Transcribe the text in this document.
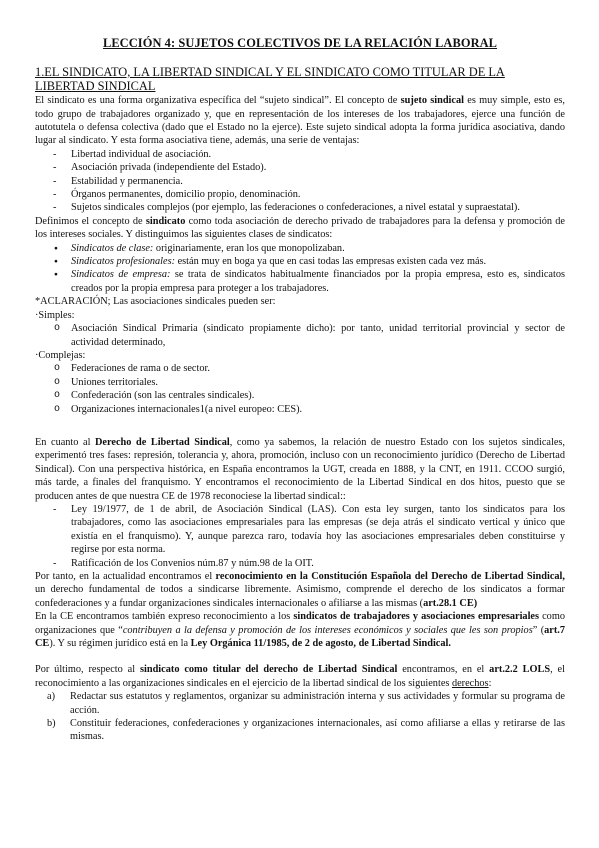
LECCIÓN 4: SUJETOS COLECTIVOS DE LA RELACIÓN LABORAL
1.EL SINDICATO, LA LIBERTAD SINDICAL Y EL SINDICATO COMO TITULAR DE LA LIBERTAD SINDICAL

El sindicato es una forma organizativa específica del “sujeto sindical”. El concepto de sujeto sindical es muy simple, esto es, todo grupo de trabajadores organizado y, que en representación de los intereses de los trabajadores, ejerce una función de autotutela o defensa colectiva (dado que el Estado no la ejerce). Este sujeto sindical adopta la forma jurídica asociativa, dando lugar al sindicato. Y esta forma asociativa tiene, además, una serie de ventajas:

- Libertad individual de asociación.
- Asociación privada (independiente del Estado).
- Estabilidad y permanencia.
- Órganos permanentes, domicilio propio, denominación.
- Sujetos sindicales complejos (por ejemplo, las federaciones o confederaciones, a nivel estatal y supraestatal).

Definimos el concepto de sindicato como toda asociación de derecho privado de trabajadores para la defensa y promoción de los intereses sociales. Y distinguimos las siguientes clases de sindicatos:

● Sindicatos de clase: originariamente, eran los que monopolizaban.
● Sindicatos profesionales: están muy en boga ya que en casi todas las empresas existen cada vez más.
● Sindicatos de empresa: se trata de sindicatos habitualmente financiados por la propia empresa, esto es, sindicatos creados por la propia empresa para proteger a los trabajadores.

*ACLARACIÓN; Las asociaciones sindicales pueden ser:

·Simples:

o Asociación Sindical Primaria (sindicato propiamente dicho): por tanto, unidad territorial provincial y sector de actividad determinado,

·Complejas:

o Federaciones de rama o de sector.
o Uniones territoriales.
o Confederación (son las centrales sindicales).
o Organizaciones internacionales1(a nivel europeo: CES).

En cuanto al Derecho de Libertad Sindical, como ya sabemos, la relación de nuestro Estado con los sujetos sindicales, experimentó tres fases: represión, tolerancia y, ahora, promoción, incluso con un reconocimiento jurídico (Derecho de Libertad Sindical). Con una perspectiva histórica, en España encontramos la UGT, creada en 1888, y la CNT, en 1911. CCOO surgió, más tarde, a finales del franquismo. Y encontramos el reconocimiento de la Libertad Sindical en dos hitos, puesto que se producen antes de que nuestra CE de 1978 reconociese la libertad sindical::

- Ley 19/1977, de 1 de abril, de Asociación Sindical (LAS). Con esta ley surgen, tanto los sindicatos para los trabajadores, como las asociaciones empresariales para las empresas (se deja atrás el sindicato vertical y único que existía en el franquismo). Y, aunque parezca raro, todavía hoy las asociaciones empresariales deben constituirse y regirse por esta norma.
- Ratificación de los Convenios núm.87 y núm.98 de la OIT.

Por tanto, en la actualidad encontramos el reconocimiento en la Constitución Española del Derecho de Libertad Sindical, un derecho fundamental de todos a sindicarse libremente. Asimismo, comprende el derecho de los sindicatos a formar confederaciones y a fundar organizaciones sindicales internacionales o afiliarse a las mismas (art.28.1 CE)

En la CE encontramos también expreso reconocimiento a los sindicatos de trabajadores y asociaciones empresariales como organizaciones que “contribuyen a la defensa y promoción de los intereses económicos y sociales que les son propios” (art.7 CE). Y su régimen jurídico está en la Ley Orgánica 11/1985, de 2 de agosto, de Libertad Sindical.

Por último, respecto al sindicato como titular del derecho de Libertad Sindical encontramos, en el art.2.2 LOLS, el reconocimiento a las organizaciones sindicales en el ejercicio de la libertad sindical de los siguientes derechos:

a) Redactar sus estatutos y reglamentos, organizar su administración interna y sus actividades y formular su programa de acción.
b) Constituir federaciones, confederaciones y organizaciones internacionales, así como afiliarse a ellas y retirarse de las mismas.
